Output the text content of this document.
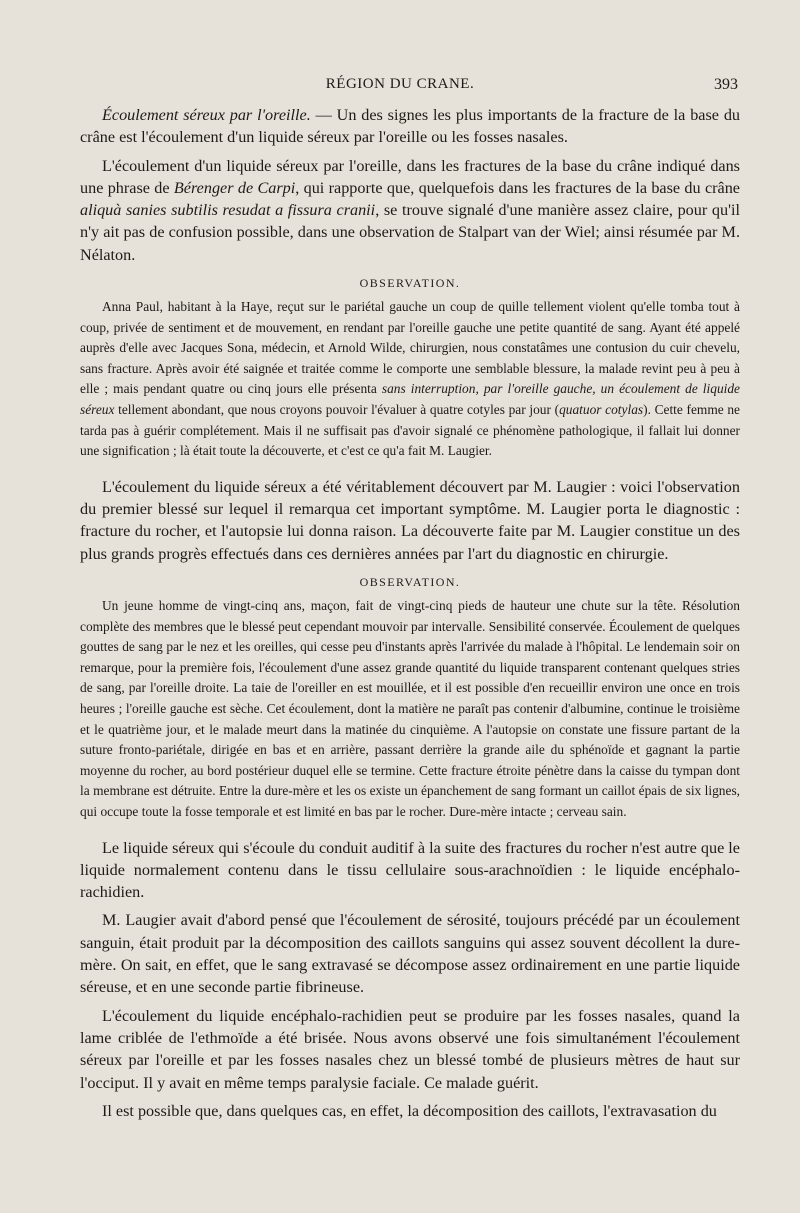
RÉGION DU CRANE.	393

Écoulement séreux par l'oreille. — Un des signes les plus importants de la fracture de la base du crâne est l'écoulement d'un liquide séreux par l'oreille ou les fosses nasales.

L'écoulement d'un liquide séreux par l'oreille, dans les fractures de la base du crâne indiqué dans une phrase de Bérenger de Carpi, qui rapporte que, quelquefois dans les fractures de la base du crâne aliquà sanies subtilis resudat a fissura cranii, se trouve signalé d'une manière assez claire, pour qu'il n'y ait pas de confusion possible, dans une observation de Stalpart van der Wiel; ainsi résumée par M. Nélaton.

OBSERVATION.

Anna Paul, habitant à la Haye, reçut sur le pariétal gauche un coup de quille tellement violent qu'elle tomba tout à coup, privée de sentiment et de mouvement, en rendant par l'oreille gauche une petite quantité de sang. Ayant été appelé auprès d'elle avec Jacques Sona, médecin, et Arnold Wilde, chirurgien, nous constatâmes une contusion du cuir chevelu, sans fracture. Après avoir été saignée et traitée comme le comporte une semblable blessure, la malade revint peu à peu à elle ; mais pendant quatre ou cinq jours elle présenta sans interruption, par l'oreille gauche, un écoulement de liquide séreux tellement abondant, que nous croyons pouvoir l'évaluer à quatre cotyles par jour (quatuor cotylas). Cette femme ne tarda pas à guérir complétement. Mais il ne suffisait pas d'avoir signalé ce phénomène pathologique, il fallait lui donner une signification ; là était toute la découverte, et c'est ce qu'a fait M. Laugier.

L'écoulement du liquide séreux a été véritablement découvert par M. Laugier : voici l'observation du premier blessé sur lequel il remarqua cet important symptôme. M. Laugier porta le diagnostic : fracture du rocher, et l'autopsie lui donna raison. La découverte faite par M. Laugier constitue un des plus grands progrès effectués dans ces dernières années par l'art du diagnostic en chirurgie.

OBSERVATION.

Un jeune homme de vingt-cinq ans, maçon, fait de vingt-cinq pieds de hauteur une chute sur la tête. Résolution complète des membres que le blessé peut cependant mouvoir par intervalle. Sensibilité conservée. Écoulement de quelques gouttes de sang par le nez et les oreilles, qui cesse peu d'instants après l'arrivée du malade à l'hôpital. Le lendemain soir on remarque, pour la première fois, l'écoulement d'une assez grande quantité du liquide transparent contenant quelques stries de sang, par l'oreille droite. La taie de l'oreiller en est mouillée, et il est possible d'en recueillir environ une once en trois heures ; l'oreille gauche est sèche. Cet écoulement, dont la matière ne paraît pas contenir d'albumine, continue le troisième et le quatrième jour, et le malade meurt dans la matinée du cinquième. A l'autopsie on constate une fissure partant de la suture fronto-pariétale, dirigée en bas et en arrière, passant derrière la grande aile du sphénoïde et gagnant la partie moyenne du rocher, au bord postérieur duquel elle se termine. Cette fracture étroite pénètre dans la caisse du tympan dont la membrane est détruite. Entre la dure-mère et les os existe un épanchement de sang formant un caillot épais de six lignes, qui occupe toute la fosse temporale et est limité en bas par le rocher. Dure-mère intacte ; cerveau sain.

Le liquide séreux qui s'écoule du conduit auditif à la suite des fractures du rocher n'est autre que le liquide normalement contenu dans le tissu cellulaire sous-arachnoïdien : le liquide encéphalo-rachidien.

M. Laugier avait d'abord pensé que l'écoulement de sérosité, toujours précédé par un écoulement sanguin, était produit par la décomposition des caillots sanguins qui assez souvent décollent la dure-mère. On sait, en effet, que le sang extravasé se décompose assez ordinairement en une partie liquide séreuse, et en une seconde partie fibrineuse.

L'écoulement du liquide encéphalo-rachidien peut se produire par les fosses nasales, quand la lame criblée de l'ethmoïde a été brisée. Nous avons observé une fois simultanément l'écoulement séreux par l'oreille et par les fosses nasales chez un blessé tombé de plusieurs mètres de haut sur l'occiput. Il y avait en même temps paralysie faciale. Ce malade guérit.

Il est possible que, dans quelques cas, en effet, la décomposition des caillots, l'extravasation du
